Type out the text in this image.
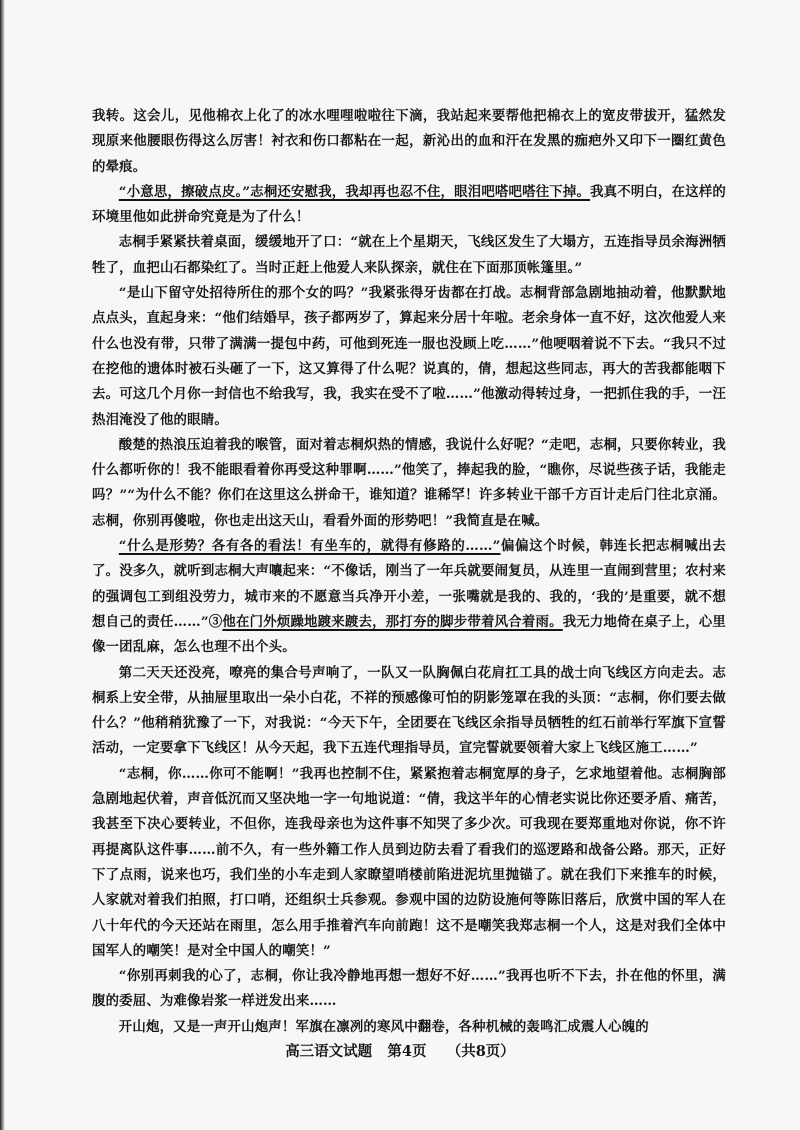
我转。这会儿，见他棉衣上化了的冰水哩哩啦啦往下滴，我站起来要帮他把棉衣上的宽皮带拔开，猛然发现原来他腰眼伤得这么厉害！衬衣和伤口都粘在一起，新沁出的血和汗在发黑的痂疤外又印下一圈红黄色的晕痕。

“小意思，擦破点皮。”志桐还安慰我，我却再也忍不住，眼泪吧嗒吧嗒往下掉。我真不明白，在这样的环境里他如此拼命究竟是为了什么！

志桐手紧紧扶着桌面，缓缓地开了口：“就在上个星期天，飞线区发生了大塌方，五连指导员余海洲牺牲了，血把山石都染红了。当时正赶上他爱人来队探亲，就住在下面那顶帐篷里。”

“是山下留守处招待所住的那个女的吗？”我紧张得牙齿都在打战。志桐背部急剧地抽动着，他默默地点点头，直起身来：“他们结婚早，孩子都两岁了，算起来分居十年啦。老余身体一直不好，这次他爱人来什么也没有带，只带了满满一提包中药，可他到死连一服也没顾上吃……”他哽咽着说不下去。“我只不过在挖他的遗体时被石头砸了一下，这又算得了什么呢？说真的，倩，想起这些同志，再大的苦我都能咽下去。可这几个月你一封信也不给我写，我，我实在受不了啦……”他激动得转过身，一把抓住我的手，一汪热泪淹没了他的眼睛。

酸楚的热浪压迫着我的喉管，面对着志桐炽热的情感，我说什么好呢？“走吧，志桐，只要你转业，我什么都听你的！我不能眼看着你再受这种罪啊……”他笑了，捧起我的脸，“瞧你，尽说些孩子话，我能走吗？”“为什么不能？你们在这里这么拼命干，谁知道？谁稀罕！许多转业干部千方百计走后门往北京涌。志桐，你别再傻啦，你也走出这天山，看看外面的形势吧！”我简直是在喊。

“什么是形势？各有各的看法！有坐车的，就得有修路的……”偏偏这个时候，韩连长把志桐喊出去了。没多久，就听到志桐大声嚷起来：“不像话，刚当了一年兵就要闹复员，从连里一直闹到营里；农村来的强调包工到组没劳力，城市来的不愿意当兵净开小差，一张嘴就是我的、我的，‘我的’是重要，就不想想自己的责任……”③他在门外烦躁地踱来踱去，那打夯的脚步带着风合着雨。我无力地倚在桌子上，心里像一团乱麻，怎么也理不出个头。

第二天天还没亮，嘹亮的集合号声响了，一队又一队胸佩白花肩扛工具的战士向飞线区方向走去。志桐系上安全带，从抽屉里取出一朵小白花，不祥的预感像可怕的阴影笼罩在我的头顶：“志桐，你们要去做什么？”他稍稍犹豫了一下，对我说：“今天下午，全团要在飞线区余指导员牺牲的红石前举行军旗下宣誓活动，一定要拿下飞线区！从今天起，我下五连代理指导员，宣完誓就要领着大家上飞线区施工……”

“志桐，你……你可不能啊！”我再也控制不住，紧紧抱着志桐宽厚的身子，乞求地望着他。志桐胸部急剧地起伏着，声音低沉而又坚决地一字一句地说道：“倩，我这半年的心情老实说比你还要矛盾、痛苦，我甚至下决心要转业，不但你，连我母亲也为这件事不知哭了多少次。可我现在要郑重地对你说，你不许再提离队这件事……前不久，有一些外籍工作人员到边防去看了看我们的巡逻路和战备公路。那天，正好下了点雨，说来也巧，我们坐的小车走到人家瞭望哨楼前陷进泥坑里抛锚了。就在我们下来推车的时候，人家就对着我们拍照，打口哨，还组织士兵参观。参观中国的边防设施何等陈旧落后，欣赏中国的军人在八十年代的今天还站在雨里，怎么用手推着汽车向前跑！这不是嘲笑我郑志桐一个人，这是对我们全体中国军人的嘲笑！是对全中国人的嘲笑！”

“你别再刺我的心了，志桐，你让我冷静地再想一想好不好……”我再也听不下去，扑在他的怀里，满腹的委屈、为难像岩浆一样迸发出来……

开山炮，又是一声开山炮声！军旗在凛冽的寒风中翻卷，各种机械的轰鸣汇成震人心魄的

高三语文试题 第4页 （共8页）
